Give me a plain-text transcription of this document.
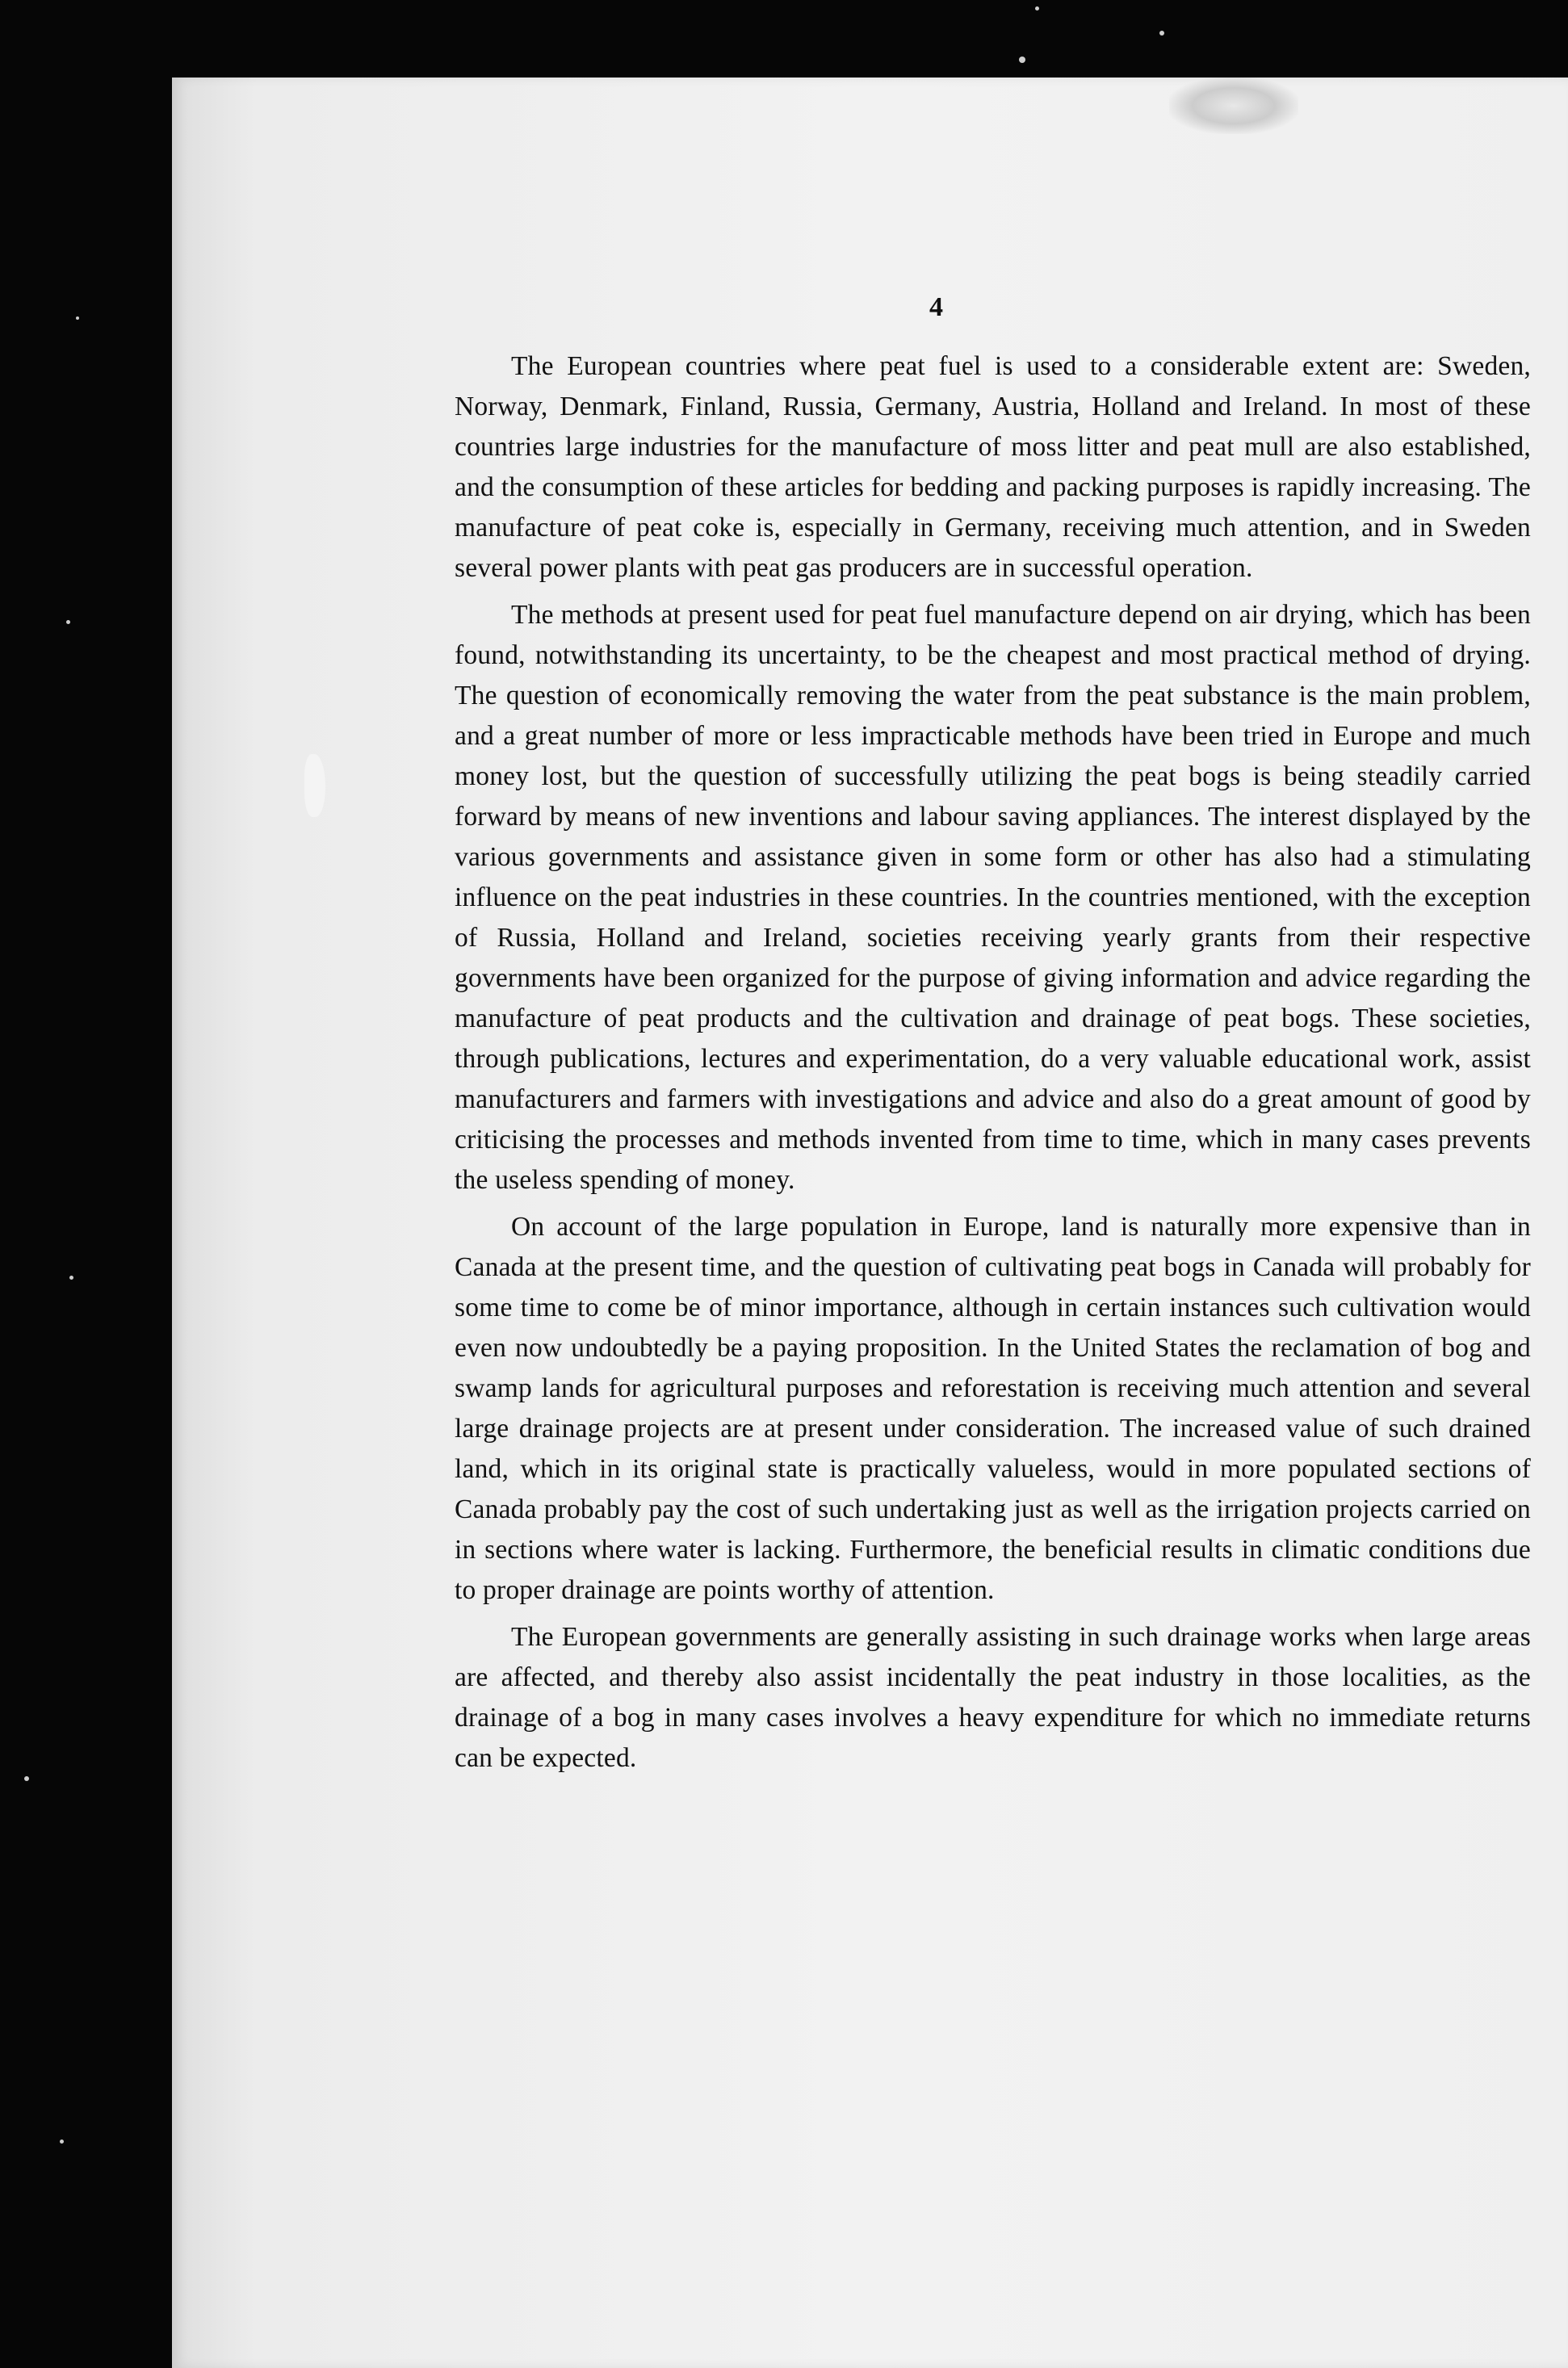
4

The European countries where peat fuel is used to a considerable extent are: Sweden, Norway, Denmark, Finland, Russia, Germany, Austria, Holland and Ireland. In most of these countries large industries for the manufacture of moss litter and peat mull are also established, and the consumption of these articles for bedding and packing purposes is rapidly increasing. The manufacture of peat coke is, especially in Germany, receiving much attention, and in Sweden several power plants with peat gas producers are in successful operation.

The methods at present used for peat fuel manufacture depend on air drying, which has been found, notwithstanding its uncertainty, to be the cheapest and most practical method of drying. The question of economically removing the water from the peat substance is the main problem, and a great number of more or less impracticable methods have been tried in Europe and much money lost, but the question of successfully utilizing the peat bogs is being steadily carried forward by means of new inventions and labour saving appliances. The interest displayed by the various governments and assistance given in some form or other has also had a stimulating influence on the peat industries in these countries. In the countries mentioned, with the exception of Russia, Holland and Ireland, societies receiving yearly grants from their respective governments have been organized for the purpose of giving information and advice regarding the manufacture of peat products and the cultivation and drainage of peat bogs. These societies, through publications, lectures and experimentation, do a very valuable educational work, assist manufacturers and farmers with investigations and advice and also do a great amount of good by criticising the processes and methods invented from time to time, which in many cases prevents the useless spending of money.

On account of the large population in Europe, land is naturally more expensive than in Canada at the present time, and the question of cultivating peat bogs in Canada will probably for some time to come be of minor importance, although in certain instances such cultivation would even now undoubtedly be a paying proposition. In the United States the reclamation of bog and swamp lands for agricultural purposes and reforestation is receiving much attention and several large drainage projects are at present under consideration. The increased value of such drained land, which in its original state is practically valueless, would in more populated sections of Canada probably pay the cost of such undertaking just as well as the irrigation projects carried on in sections where water is lacking. Furthermore, the beneficial results in climatic conditions due to proper drainage are points worthy of attention.

The European governments are generally assisting in such drainage works when large areas are affected, and thereby also assist incidentally the peat industry in those localities, as the drainage of a bog in many cases involves a heavy expenditure for which no immediate returns can be expected.
